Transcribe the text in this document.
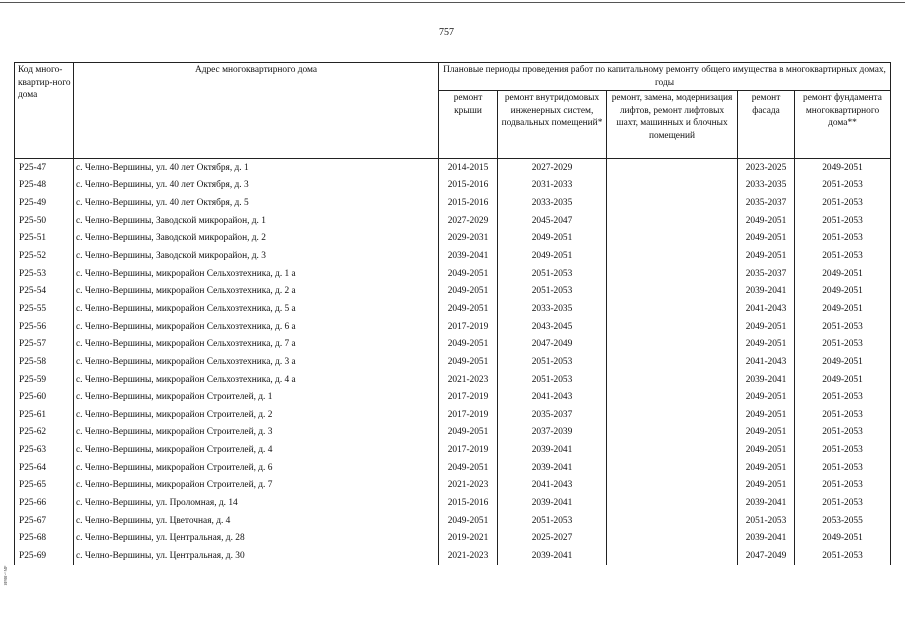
757
ᴎᴘᴙᴚ∽ᴍᴘ
Код много-квартир-ного дома	Адрес многоквартирного дома	Плановые периоды проведения работ по капитальному ремонту общего имущества в многоквартирных домах, годы				
		ремонт крыши	ремонт внутридомовых инженерных систем, подвальных помещений*	ремонт, замена, модернизация лифтов, ремонт лифтовых шахт, машинных и блочных помещений	ремонт фасада	ремонт фундамента многоквартирного дома**
Р25-47	с. Челно-Вершины, ул. 40 лет Октября, д. 1	2014-2015	2027-2029		2023-2025	2049-2051
Р25-48	с. Челно-Вершины, ул. 40 лет Октября, д. 3	2015-2016	2031-2033		2033-2035	2051-2053
Р25-49	с. Челно-Вершины, ул. 40 лет Октября, д. 5	2015-2016	2033-2035		2035-2037	2051-2053
Р25-50	с. Челно-Вершины, Заводской микрорайон, д. 1	2027-2029	2045-2047		2049-2051	2051-2053
Р25-51	с. Челно-Вершины, Заводской микрорайон, д. 2	2029-2031	2049-2051		2049-2051	2051-2053
Р25-52	с. Челно-Вершины, Заводской микрорайон, д. 3	2039-2041	2049-2051		2049-2051	2051-2053
Р25-53	с. Челно-Вершины, микрорайон Сельхозтехника, д. 1 а	2049-2051	2051-2053		2035-2037	2049-2051
Р25-54	с. Челно-Вершины, микрорайон Сельхозтехника, д. 2 а	2049-2051	2051-2053		2039-2041	2049-2051
Р25-55	с. Челно-Вершины, микрорайон Сельхозтехника, д. 5 а	2049-2051	2033-2035		2041-2043	2049-2051
Р25-56	с. Челно-Вершины, микрорайон Сельхозтехника, д. 6 а	2017-2019	2043-2045		2049-2051	2051-2053
Р25-57	с. Челно-Вершины, микрорайон Сельхозтехника, д. 7 а	2049-2051	2047-2049		2049-2051	2051-2053
Р25-58	с. Челно-Вершины, микрорайон Сельхозтехника, д. 3 а	2049-2051	2051-2053		2041-2043	2049-2051
Р25-59	с. Челно-Вершины, микрорайон Сельхозтехника, д. 4 а	2021-2023	2051-2053		2039-2041	2049-2051
Р25-60	с. Челно-Вершины, микрорайон Строителей, д. 1	2017-2019	2041-2043		2049-2051	2051-2053
Р25-61	с. Челно-Вершины, микрорайон Строителей, д. 2	2017-2019	2035-2037		2049-2051	2051-2053
Р25-62	с. Челно-Вершины, микрорайон Строителей, д. 3	2049-2051	2037-2039		2049-2051	2051-2053
Р25-63	с. Челно-Вершины, микрорайон Строителей, д. 4	2017-2019	2039-2041		2049-2051	2051-2053
Р25-64	с. Челно-Вершины, микрорайон Строителей, д. 6	2049-2051	2039-2041		2049-2051	2051-2053
Р25-65	с. Челно-Вершины, микрорайон Строителей, д. 7	2021-2023	2041-2043		2049-2051	2051-2053
Р25-66	с. Челно-Вершины, ул. Проломная, д. 14	2015-2016	2039-2041		2039-2041	2051-2053
Р25-67	с. Челно-Вершины, ул. Цветочная, д. 4	2049-2051	2051-2053		2051-2053	2053-2055
Р25-68	с. Челно-Вершины, ул. Центральная, д. 28	2019-2021	2025-2027		2039-2041	2049-2051
Р25-69	с. Челно-Вершины, ул. Центральная, д. 30	2021-2023	2039-2041		2047-2049	2051-2053
